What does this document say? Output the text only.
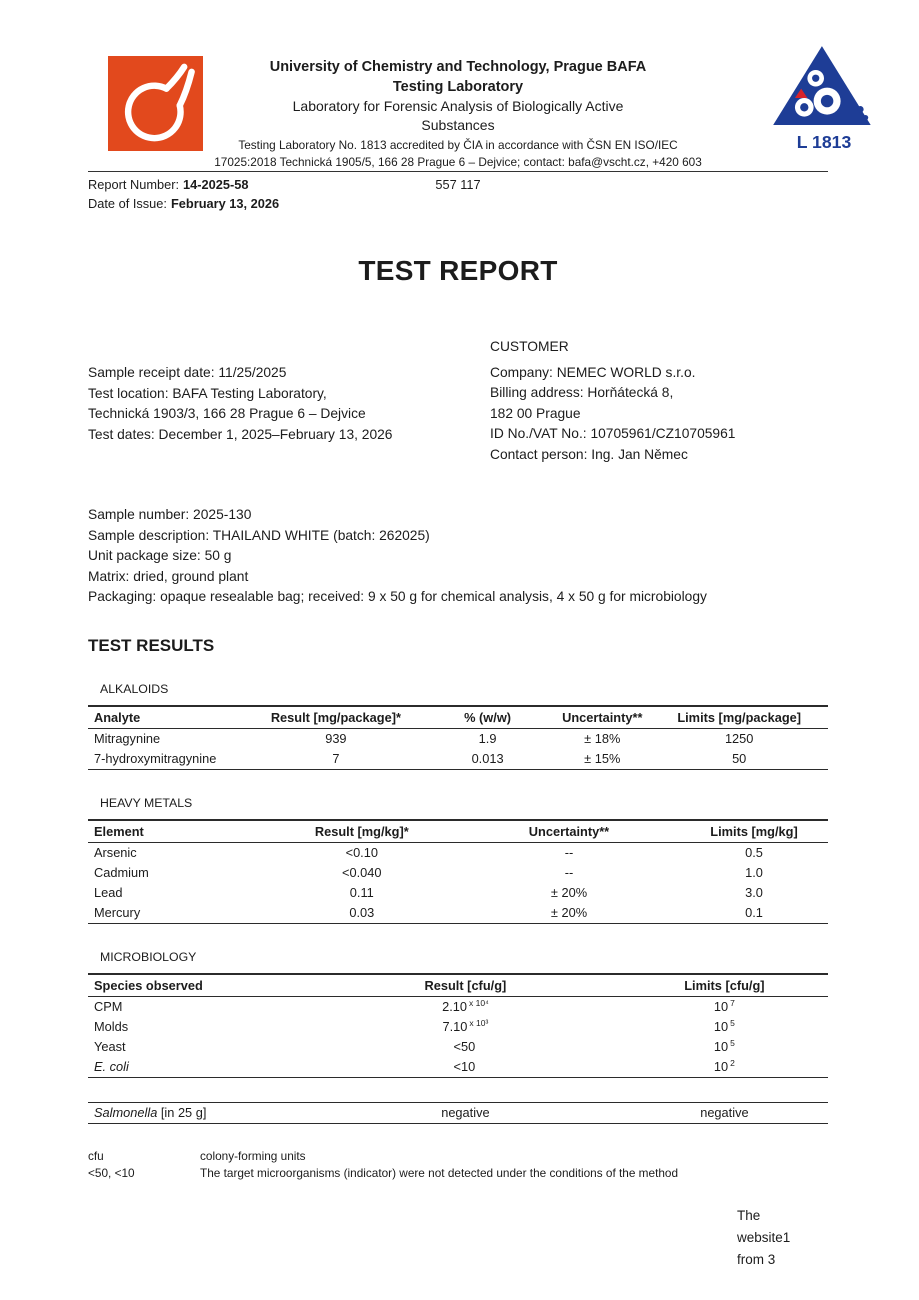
L 1813
University of Chemistry and Technology, Prague BAFA
Testing Laboratory
Laboratory for Forensic Analysis of Biologically Active
Substances
Testing Laboratory No. 1813 accredited by ČIA in accordance with ČSN EN ISO/IEC
17025:2018 Technická 1905/5, 166 28 Prague 6 – Dejvice; contact: bafa@vscht.cz, +420 603
557 117
Report Number: 14-2025-58
Date of Issue: February 13, 2026
TEST REPORT
Sample receipt date: 11/25/2025
Test location: BAFA Testing Laboratory,
Technická 1903/3, 166 28 Prague 6 – Dejvice
Test dates: December 1, 2025–February 13, 2026
CUSTOMER
Company: NEMEC WORLD s.r.o.
Billing address: Horňátecká 8,
182 00 Prague
ID No./VAT No.: 10705961/CZ10705961
Contact person: Ing. Jan Němec
Sample number: 2025-130
Sample description: THAILAND WHITE (batch: 262025)
Unit package size: 50 g
Matrix: dried, ground plant
Packaging: opaque resealable bag; received: 9 x 50 g for chemical analysis, 4 x 50 g for microbiology
TEST RESULTS
ALKALOIDS
Analyte	Result [mg/package]*	% (w/w)	Uncertainty**	Limits [mg/package]
Mitragynine	939	1.9	± 18%	1250
7-hydroxymitragynine	7	0.013	± 15%	50
HEAVY METALS
Element	Result [mg/kg]*	Uncertainty**	Limits [mg/kg]
Arsenic	<0.10	--	0.5
Cadmium	<0.040	--	1.0
Lead	0.11	± 20%	3.0
Mercury	0.03	± 20%	0.1
MICROBIOLOGY
Species observed	Result [cfu/g]	Limits [cfu/g]
CPM	2.10 $^{x 10^4}$	10 $^7$
Molds	7.10 $^{x 10^3}$	10 $^5$
Yeast	<50	10 $^5$
E. coli	<10	10 $^2$
Salmonella [in 25 g]	negative	negative
cfu	colony-forming units
<50, <10	The target microorganisms (indicator) were not detected under the conditions of the method
The
website1
from 3
